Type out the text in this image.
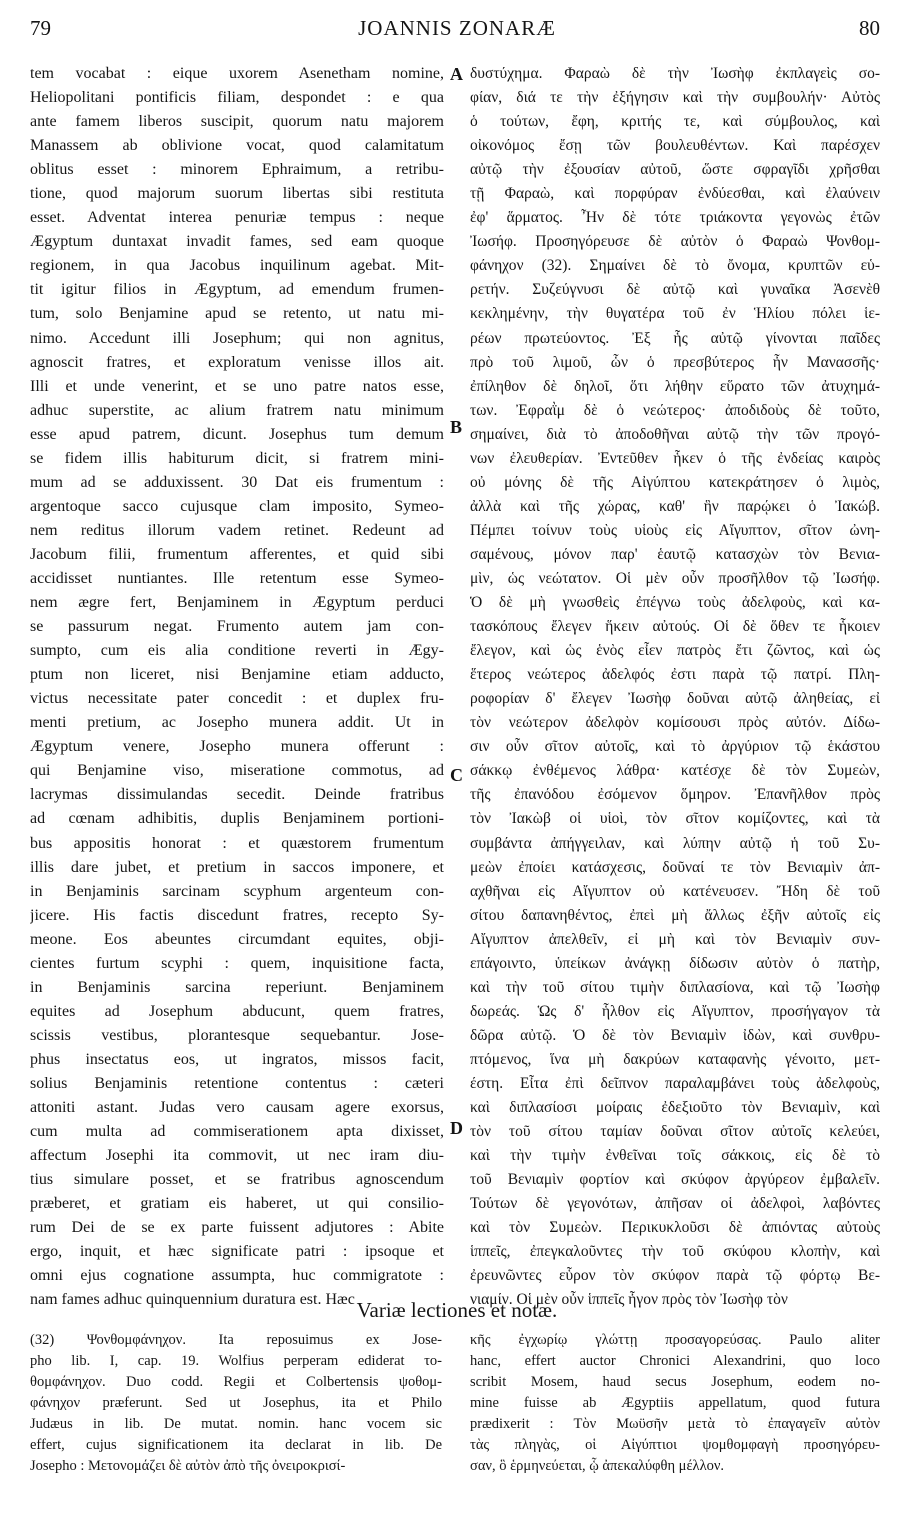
79	JOANNIS ZONARÆ	80
tem vocabat : eique uxorem Asenetham nomine,
Heliopolitani pontificis filiam, despondet : e qua
ante famem liberos suscipit, quorum natu majorem
Manassem ab oblivione vocat, quod calamitatum
oblitus esset : minorem Ephraimum, a retribu-
tione, quod majorum suorum libertas sibi restituta
esset. Adventat interea penuriæ tempus : neque
Ægyptum duntaxat invadit fames, sed eam quoque
regionem, in qua Jacobus inquilinum agebat. Mit-
tit igitur filios in Ægyptum, ad emendum frumen-
tum, solo Benjamine apud se retento, ut natu mi-
nimo. Accedunt illi Josephum; qui non agnitus,
agnoscit fratres, et exploratum venisse illos ait.
Illi et unde venerint, et se uno patre natos esse,
adhuc superstite, ac alium fratrem natu minimum
esse apud patrem, dicunt. Josephus tum demum
se fidem illis habiturum dicit, si fratrem mini-
mum ad se adduxissent. 30 Dat eis frumentum :
argentoque sacco cujusque clam imposito, Symeo-
nem reditus illorum vadem retinet. Redeunt ad
Jacobum filii, frumentum afferentes, et quid sibi
accidisset nuntiantes. Ille retentum esse Symeo-
nem ægre fert, Benjaminem in Ægyptum perduci
se passurum negat. Frumento autem jam con-
sumpto, cum eis alia conditione reverti in Ægy-
ptum non liceret, nisi Benjamine etiam adducto,
victus necessitate pater concedit : et duplex fru-
menti pretium, ac Josepho munera addit. Ut in
Ægyptum venere, Josepho munera offerunt :
qui Benjamine viso, miseratione commotus, ad
lacrymas dissimulandas secedit. Deinde fratribus
ad cœnam adhibitis, duplis Benjaminem portioni-
bus appositis honorat : et quæstorem frumentum
illis dare jubet, et pretium in saccos imponere, et
in Benjaminis sarcinam scyphum argenteum con-
jicere. His factis discedunt fratres, recepto Sy-
meone. Eos abeuntes circumdant equites, obji-
cientes furtum scyphi : quem, inquisitione facta,
in Benjaminis sarcina reperiunt. Benjaminem
equites ad Josephum abducunt, quem fratres,
scissis vestibus, plorantesque sequebantur. Jose-
phus insectatus eos, ut ingratos, missos facit,
solius Benjaminis retentione contentus : cæteri
attoniti astant. Judas vero causam agere exorsus,
cum multa ad commiserationem apta dixisset,
affectum Josephi ita commovit, ut nec iram diu-
tius simulare posset, et se fratribus agnoscendum
præberet, et gratiam eis haberet, ut qui consilio-
rum Dei de se ex parte fuissent adjutores : Abite
ergo, inquit, et hæc significate patri : ipsoque et
omni ejus cognatione assumpta, huc commigratote :
nam fames adhuc quinquennium duratura est. Hæc
A
B
C
D
δυστύχημα. Φαραὼ δὲ τὴν Ἰωσὴφ ἐκπλαγεὶς σο-
φίαν, διά τε τὴν ἐξήγησιν καὶ τὴν συμβουλήν· Αὐτὸς
ὁ τούτων, ἔφη, κριτής τε, καὶ σύμβουλος, καὶ
οἰκονόμος ἔσῃ τῶν βουλευθέντων. Καὶ παρέσχεν
αὐτῷ τὴν ἐξουσίαν αὐτοῦ, ὥστε σφραγῖδι χρῆσθαι
τῇ Φαραὼ, καὶ πορφύραν ἐνδύεσθαι, καὶ ἐλαύνειν
ἐφ' ἅρματος. Ἦν δὲ τότε τριάκοντα γεγονὼς ἐτῶν
Ἰωσήφ. Προσηγόρευσε δὲ αὐτὸν ὁ Φαραὼ Ψονθομ-
φάνηχον (32). Σημαίνει δὲ τὸ ὄνομα, κρυπτῶν εὑ-
ρετήν. Συζεύγνυσι δὲ αὐτῷ καὶ γυναῖκα Ἀσενὲθ
κεκλημένην, τὴν θυγατέρα τοῦ ἐν Ἡλίου πόλει ἱε-
ρέων πρωτεύοντος. Ἐξ ἧς αὐτῷ γίνονται παῖδες
πρὸ τοῦ λιμοῦ, ὧν ὁ πρεσβύτερος ἦν Μανασσῆς·
ἐπίληθον δὲ δηλοῖ, ὅτι λήθην εὕρατο τῶν ἀτυχημά-
των. Ἐφραῒμ δὲ ὁ νεώτερος· ἀποδιδοὺς δὲ τοῦτο,
σημαίνει, διὰ τὸ ἀποδοθῆναι αὐτῷ τὴν τῶν προγό-
νων ἐλευθερίαν. Ἐντεῦθεν ἧκεν ὁ τῆς ἐνδείας καιρὸς
οὐ μόνης δὲ τῆς Αἰγύπτου κατεκράτησεν ὁ λιμὸς,
ἀλλὰ καὶ τῆς χώρας, καθ' ἣν παρῴκει ὁ Ἰακώβ.
Πέμπει τοίνυν τοὺς υἱοὺς εἰς Αἴγυπτον, σῖτον ὠνη-
σαμένους, μόνον παρ' ἑαυτῷ κατασχὼν τὸν Βενια-
μὶν, ὡς νεώτατον. Οἱ μὲν οὖν προσῆλθον τῷ Ἰωσήφ.
Ὁ δὲ μὴ γνωσθεὶς ἐπέγνω τοὺς ἀδελφοὺς, καὶ κα-
τασκόπους ἔλεγεν ἥκειν αὐτούς. Οἱ δὲ ὅθεν τε ἧκοιεν
ἔλεγον, καὶ ὡς ἑνὸς εἶεν πατρὸς ἔτι ζῶντος, καὶ ὡς
ἕτερος νεώτερος ἀδελφός ἐστι παρὰ τῷ πατρί. Πλη-
ροφορίαν δ' ἔλεγεν Ἰωσὴφ δοῦναι αὐτῷ ἀληθείας, εἰ
τὸν νεώτερον ἀδελφὸν κομίσουσι πρὸς αὐτόν. Δίδω-
σιν οὖν σῖτον αὐτοῖς, καὶ τὸ ἀργύριον τῷ ἑκάστου
σάκκῳ ἐνθέμενος λάθρα· κατέσχε δὲ τὸν Συμεὼν,
τῆς ἐπανόδου ἐσόμενον ὅμηρον. Ἐπανῆλθον πρὸς
τὸν Ἰακὼβ οἱ υἱοὶ, τὸν σῖτον κομίζοντες, καὶ τὰ
συμβάντα ἀπήγγειλαν, καὶ λύπην αὐτῷ ἡ τοῦ Συ-
μεὼν ἐποίει κατάσχεσις, δοῦναί τε τὸν Βενιαμὶν ἀπ-
αχθῆναι εἰς Αἴγυπτον οὐ κατένευσεν. Ἤδη δὲ τοῦ
σίτου δαπανηθέντος, ἐπεὶ μὴ ἄλλως ἐξῆν αὐτοῖς εἰς
Αἴγυπτον ἀπελθεῖν, εἰ μὴ καὶ τὸν Βενιαμὶν συν-
επάγοιντο, ὑπείκων ἀνάγκῃ δίδωσιν αὐτὸν ὁ πατὴρ,
καὶ τὴν τοῦ σίτου τιμὴν διπλασίονα, καὶ τῷ Ἰωσὴφ
δωρεάς. Ὡς δ' ἧλθον εἰς Αἴγυπτον, προσήγαγον τὰ
δῶρα αὐτῷ. Ὁ δὲ τὸν Βενιαμὶν ἰδὼν, καὶ συνθρυ-
πτόμενος, ἵνα μὴ δακρύων καταφανὴς γένοιτο, μετ-
έστη. Εἶτα ἐπὶ δεῖπνον παραλαμβάνει τοὺς ἀδελφοὺς,
καὶ διπλασίοσι μοίραις ἐδεξιοῦτο τὸν Βενιαμὶν, καὶ
τὸν τοῦ σίτου ταμίαν δοῦναι σῖτον αὐτοῖς κελεύει,
καὶ τὴν τιμὴν ἐνθεῖναι τοῖς σάκκοις, εἰς δὲ τὸ
τοῦ Βενιαμὶν φορτίον καὶ σκύφον ἀργύρεον ἐμβαλεῖν.
Τούτων δὲ γεγονότων, ἀπῆσαν οἱ ἀδελφοὶ, λαβόντες
καὶ τὸν Συμεὼν. Περικυκλοῦσι δὲ ἀπιόντας αὐτοὺς
ἱππεῖς, ἐπεγκαλοῦντες τὴν τοῦ σκύφου κλοπὴν, καὶ
ἐρευνῶντες εὗρον τὸν σκύφον παρὰ τῷ φόρτῳ Βε-
νιαμίν. Οἱ μὲν οὖν ἱππεῖς ἦγον πρὸς τὸν Ἰωσὴφ τὸν
Variæ lectiones et notæ.
(32) Ψονθομφάνηχον. Ita reposuimus ex Jose-
pho lib. I, cap. 19. Wolfius perperam ediderat το-
θομφάνηχον. Duo codd. Regii et Colbertensis ψοθομ-
φάνηχον præferunt. Sed ut Josephus, ita et Philo
Judæus in lib. De mutat. nomin. hanc vocem sic
effert, cujus significationem ita declarat in lib. De
Josepho : Μετονομάζει δὲ αὐτὸν ἀπὸ τῆς ὀνειροκρισί-
κῆς ἐγχωρίῳ γλώττῃ προσαγορεύσας. Paulo aliter
hanc, effert auctor Chronici Alexandrini, quo loco
scribit Mosem, haud secus Josephum, eodem no-
mine fuisse ab Ægyptiis appellatum, quod futura
prædixerit : Τὸν Μωϋσῆν μετὰ τὸ ἐπαγαγεῖν αὐτὸν
τὰς πληγὰς, οἱ Αἰγύπτιοι ψομθομφαγὴ προσηγόρευ-
σαν, ὃ ἑρμηνεύεται, ᾧ ἀπεκαλύφθη μέλλον.
